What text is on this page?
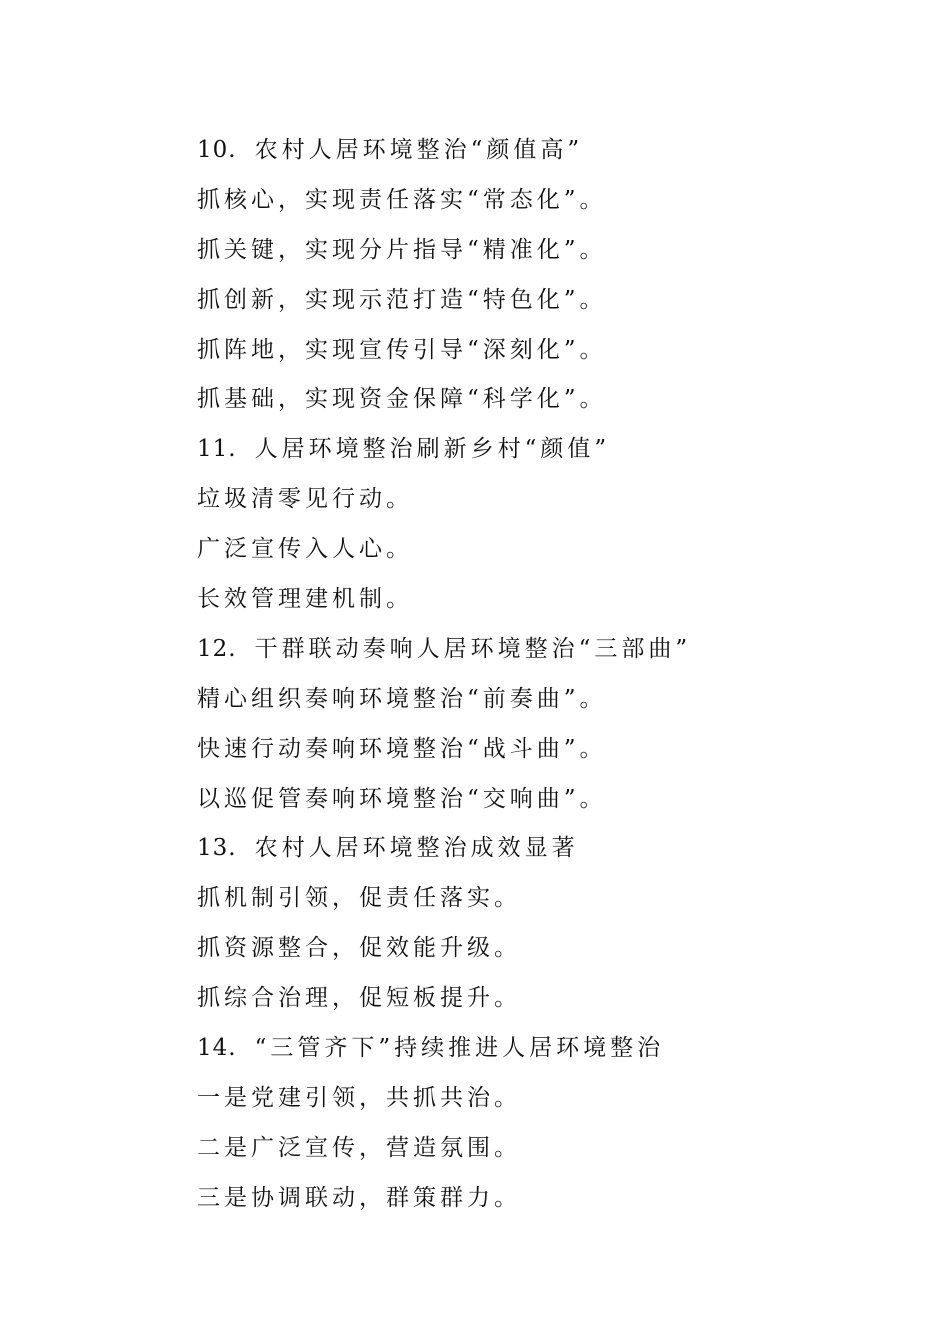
10. 农村人居环境整治“颜值高”
抓核心，实现责任落实“常态化”。
抓关键，实现分片指导“精准化”。
抓创新，实现示范打造“特色化”。
抓阵地，实现宣传引导“深刻化”。
抓基础，实现资金保障“科学化”。
11. 人居环境整治刷新乡村“颜值”
垃圾清零见行动。
广泛宣传入人心。
长效管理建机制。
12. 干群联动奏响人居环境整治“三部曲”
精心组织奏响环境整治“前奏曲”。
快速行动奏响环境整治“战斗曲”。
以巡促管奏响环境整治“交响曲”。
13. 农村人居环境整治成效显著
抓机制引领，促责任落实。
抓资源整合，促效能升级。
抓综合治理，促短板提升。
14. “三管齐下”持续推进人居环境整治
一是党建引领，共抓共治。
二是广泛宣传，营造氛围。
三是协调联动，群策群力。
